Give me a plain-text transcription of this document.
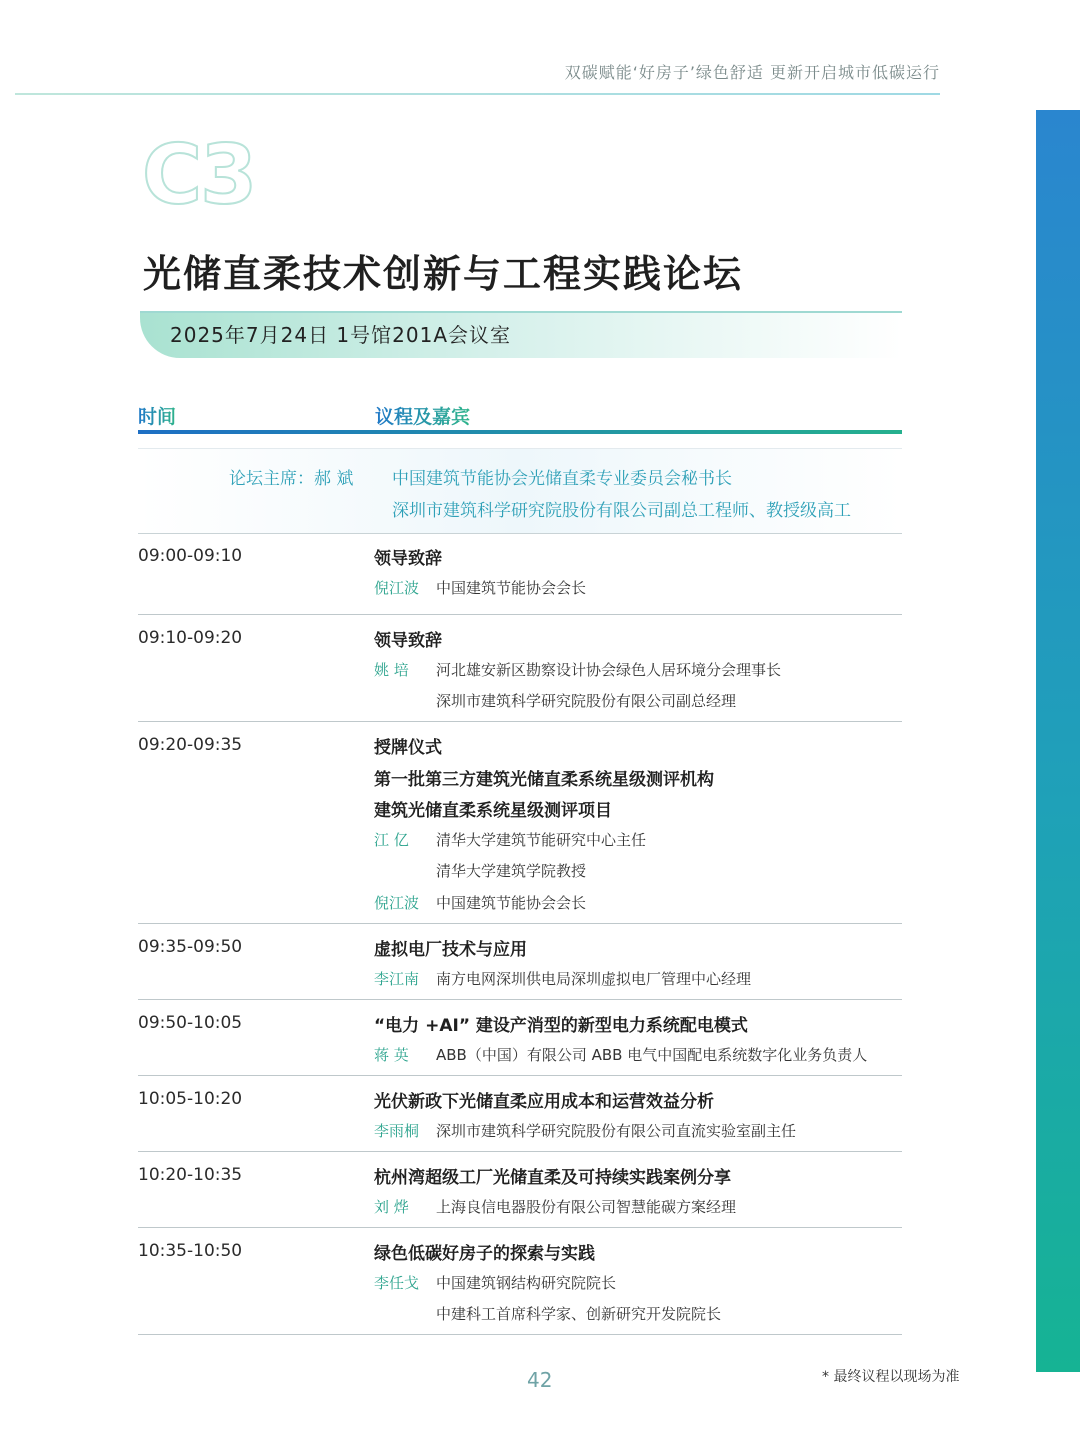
双碳赋能‘好房子’绿色舒适 更新开启城市低碳运行
C3
光储直柔技术创新与工程实践论坛
2025年7月24日 1号馆201A会议室
时间	议程及嘉宾
论坛主席：郝 斌 中国建筑节能协会光储直柔专业委员会秘书长
深圳市建筑科学研究院股份有限公司副总工程师、教授级高工
09:00-09:10	领导致辞
倪江波 中国建筑节能协会会长
09:10-09:20	领导致辞
姚 培 河北雄安新区勘察设计协会绿色人居环境分会理事长
深圳市建筑科学研究院股份有限公司副总经理
09:20-09:35	授牌仪式
第一批第三方建筑光储直柔系统星级测评机构
建筑光储直柔系统星级测评项目
江 亿 清华大学建筑节能研究中心主任
清华大学建筑学院教授
倪江波 中国建筑节能协会会长
09:35-09:50	虚拟电厂技术与应用
李江南 南方电网深圳供电局深圳虚拟电厂管理中心经理
09:50-10:05	“电力 +AI” 建设产消型的新型电力系统配电模式
蒋 英 ABB（中国）有限公司 ABB 电气中国配电系统数字化业务负责人
10:05-10:20	光伏新政下光储直柔应用成本和运营效益分析
李雨桐 深圳市建筑科学研究院股份有限公司直流实验室副主任
10:20-10:35	杭州湾超级工厂光储直柔及可持续实践案例分享
刘 烨 上海良信电器股份有限公司智慧能碳方案经理
10:35-10:50	绿色低碳好房子的探索与实践
李任戈 中国建筑钢结构研究院院长
中建科工首席科学家、创新研究开发院院长
42	* 最终议程以现场为准
